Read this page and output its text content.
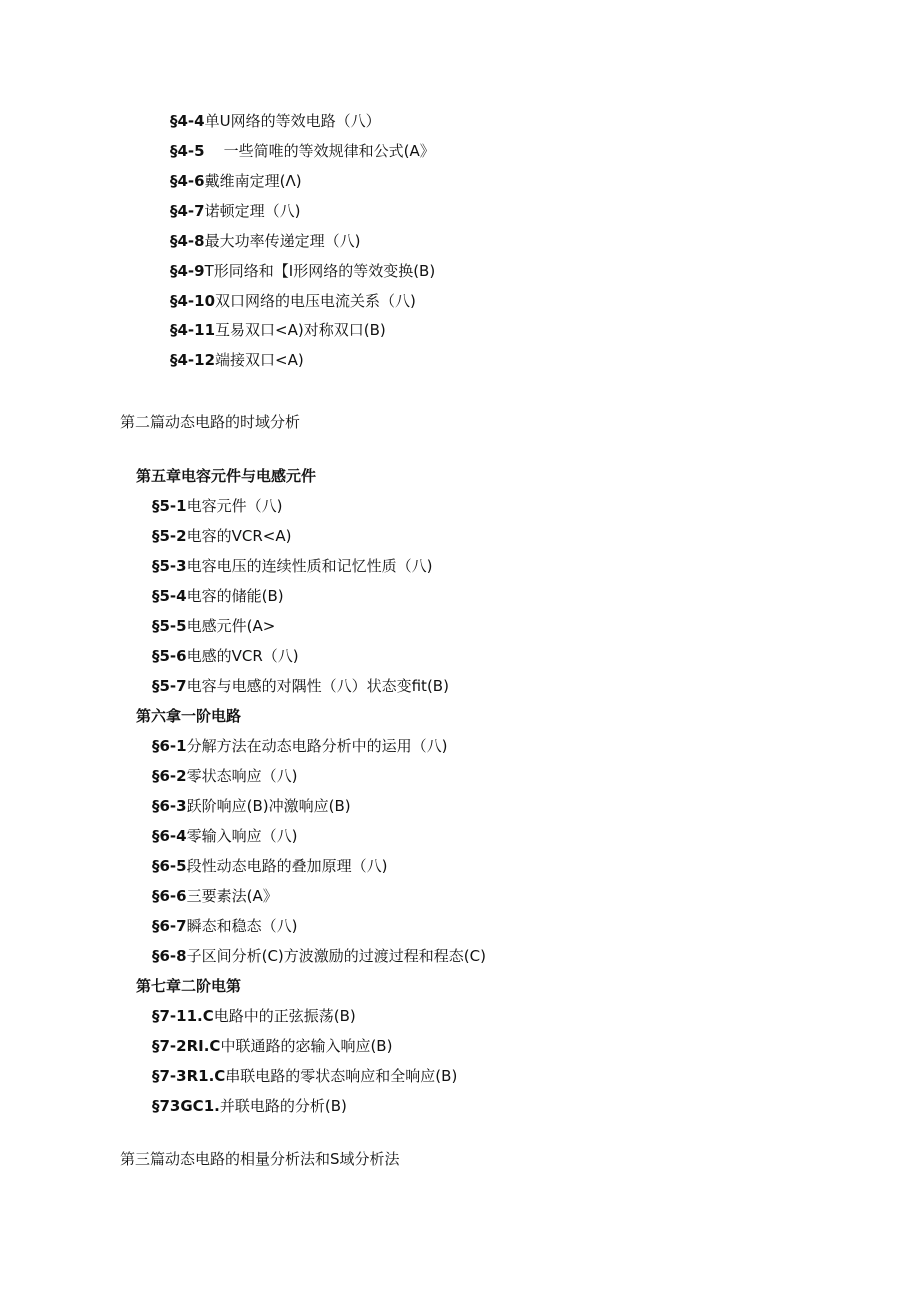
§4-4单U网络的等效电路（八）
§4-5    一些简唯的等效规律和公式(A》
§4-6戴维南定理(Λ)
§4-7诺顿定理（八)
§4-8最大功率传递定理（八)
§4-9T形同络和【I形网络的等效变换(B)
§4-10双口网络的电压电流关系（八)
§4-11互易双口<A)对称双口(B)
§4-12端接双口<A)
第二篇动态电路的时域分析
第五章电容元件与电感元件
§5-1电容元件（八)
§5-2电容的VCR<A)
§5-3电容电压的连续性质和记忆性质（八)
§5-4电容的储能(B)
§5-5电感元件(A>
§5-6电感的VCR（八)
§5-7电容与电感的对隅性（八）状态变fit(B)
第六拿一阶电路
§6-1分解方法在动态电路分析中的运用（八)
§6-2零状态响应（八)
§6-3跃阶响应(B)冲激响应(B)
§6-4零输入响应（八)
§6-5段性动态电路的叠加原理（八)
§6-6三要素法(A》
§6-7瞬态和稳态（八)
§6-8子区间分析(C)方波激励的过渡过程和程态(C)
第七章二阶电第
§7-11.C电路中的正弦振荡(B)
§7-2RI.C中联通路的宓输入响应(B)
§7-3R1.C串联电路的零状态响应和全响应(B)
§73GC1.并联电路的分析(B)
第三篇动态电路的相量分析法和S域分析法
